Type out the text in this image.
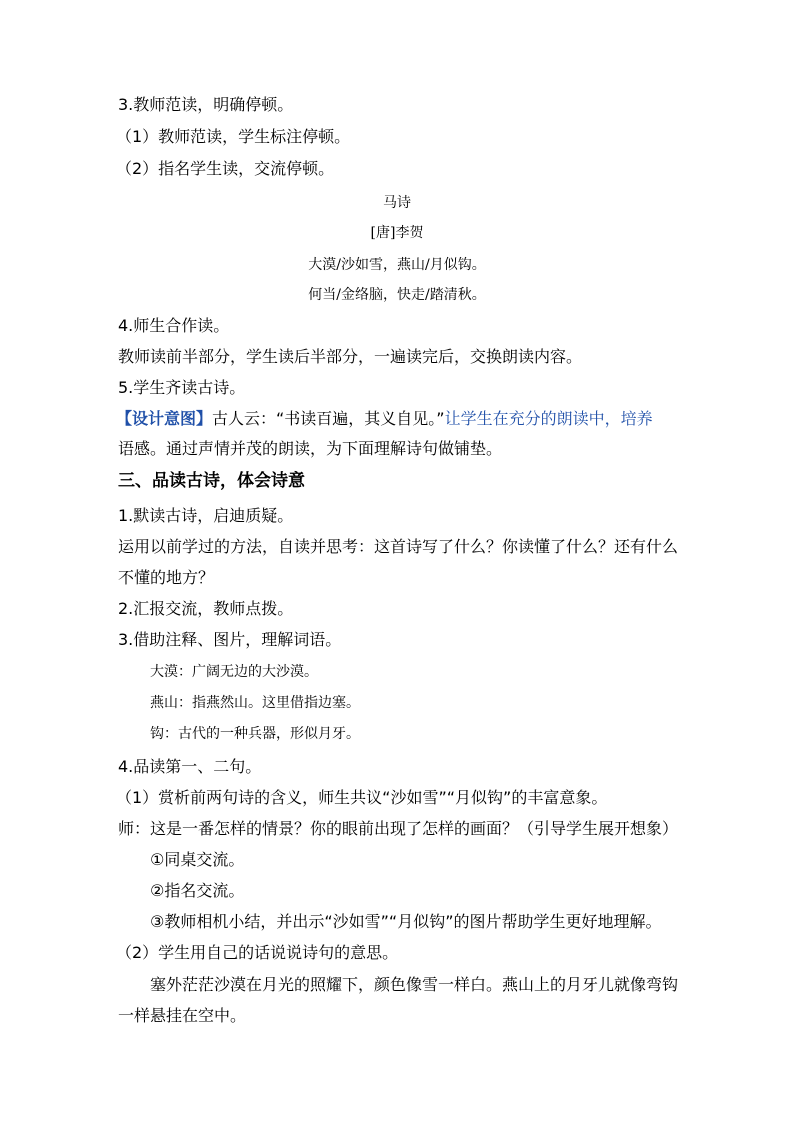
3.教师范读，明确停顿。
（1）教师范读，学生标注停顿。
（2）指名学生读，交流停顿。
马诗
[唐]李贺
大漠/沙如雪，燕山/月似钩。
何当/金络脑，快走/踏清秋。
4.师生合作读。
教师读前半部分，学生读后半部分，一遍读完后，交换朗读内容。
5.学生齐读古诗。
【设计意图】古人云：“书读百遍，其义自见。”让学生在充分的朗读中，培养
语感。通过声情并茂的朗读，为下面理解诗句做铺垫。
三、品读古诗，体会诗意
1.默读古诗，启迪质疑。
运用以前学过的方法，自读并思考：这首诗写了什么？你读懂了什么？还有什么
不懂的地方？
2.汇报交流，教师点拨。
3.借助注释、图片，理解词语。
大漠：广阔无边的大沙漠。
燕山：指燕然山。这里借指边塞。
钩：古代的一种兵器，形似月牙。
4.品读第一、二句。
（1）赏析前两句诗的含义，师生共议“沙如雪”“月似钩”的丰富意象。
师：这是一番怎样的情景？你的眼前出现了怎样的画面？（引导学生展开想象）
①同桌交流。
②指名交流。
③教师相机小结，并出示“沙如雪”“月似钩”的图片帮助学生更好地理解。
（2）学生用自己的话说说诗句的意思。
塞外茫茫沙漠在月光的照耀下，颜色像雪一样白。燕山上的月牙儿就像弯钩
一样悬挂在空中。
